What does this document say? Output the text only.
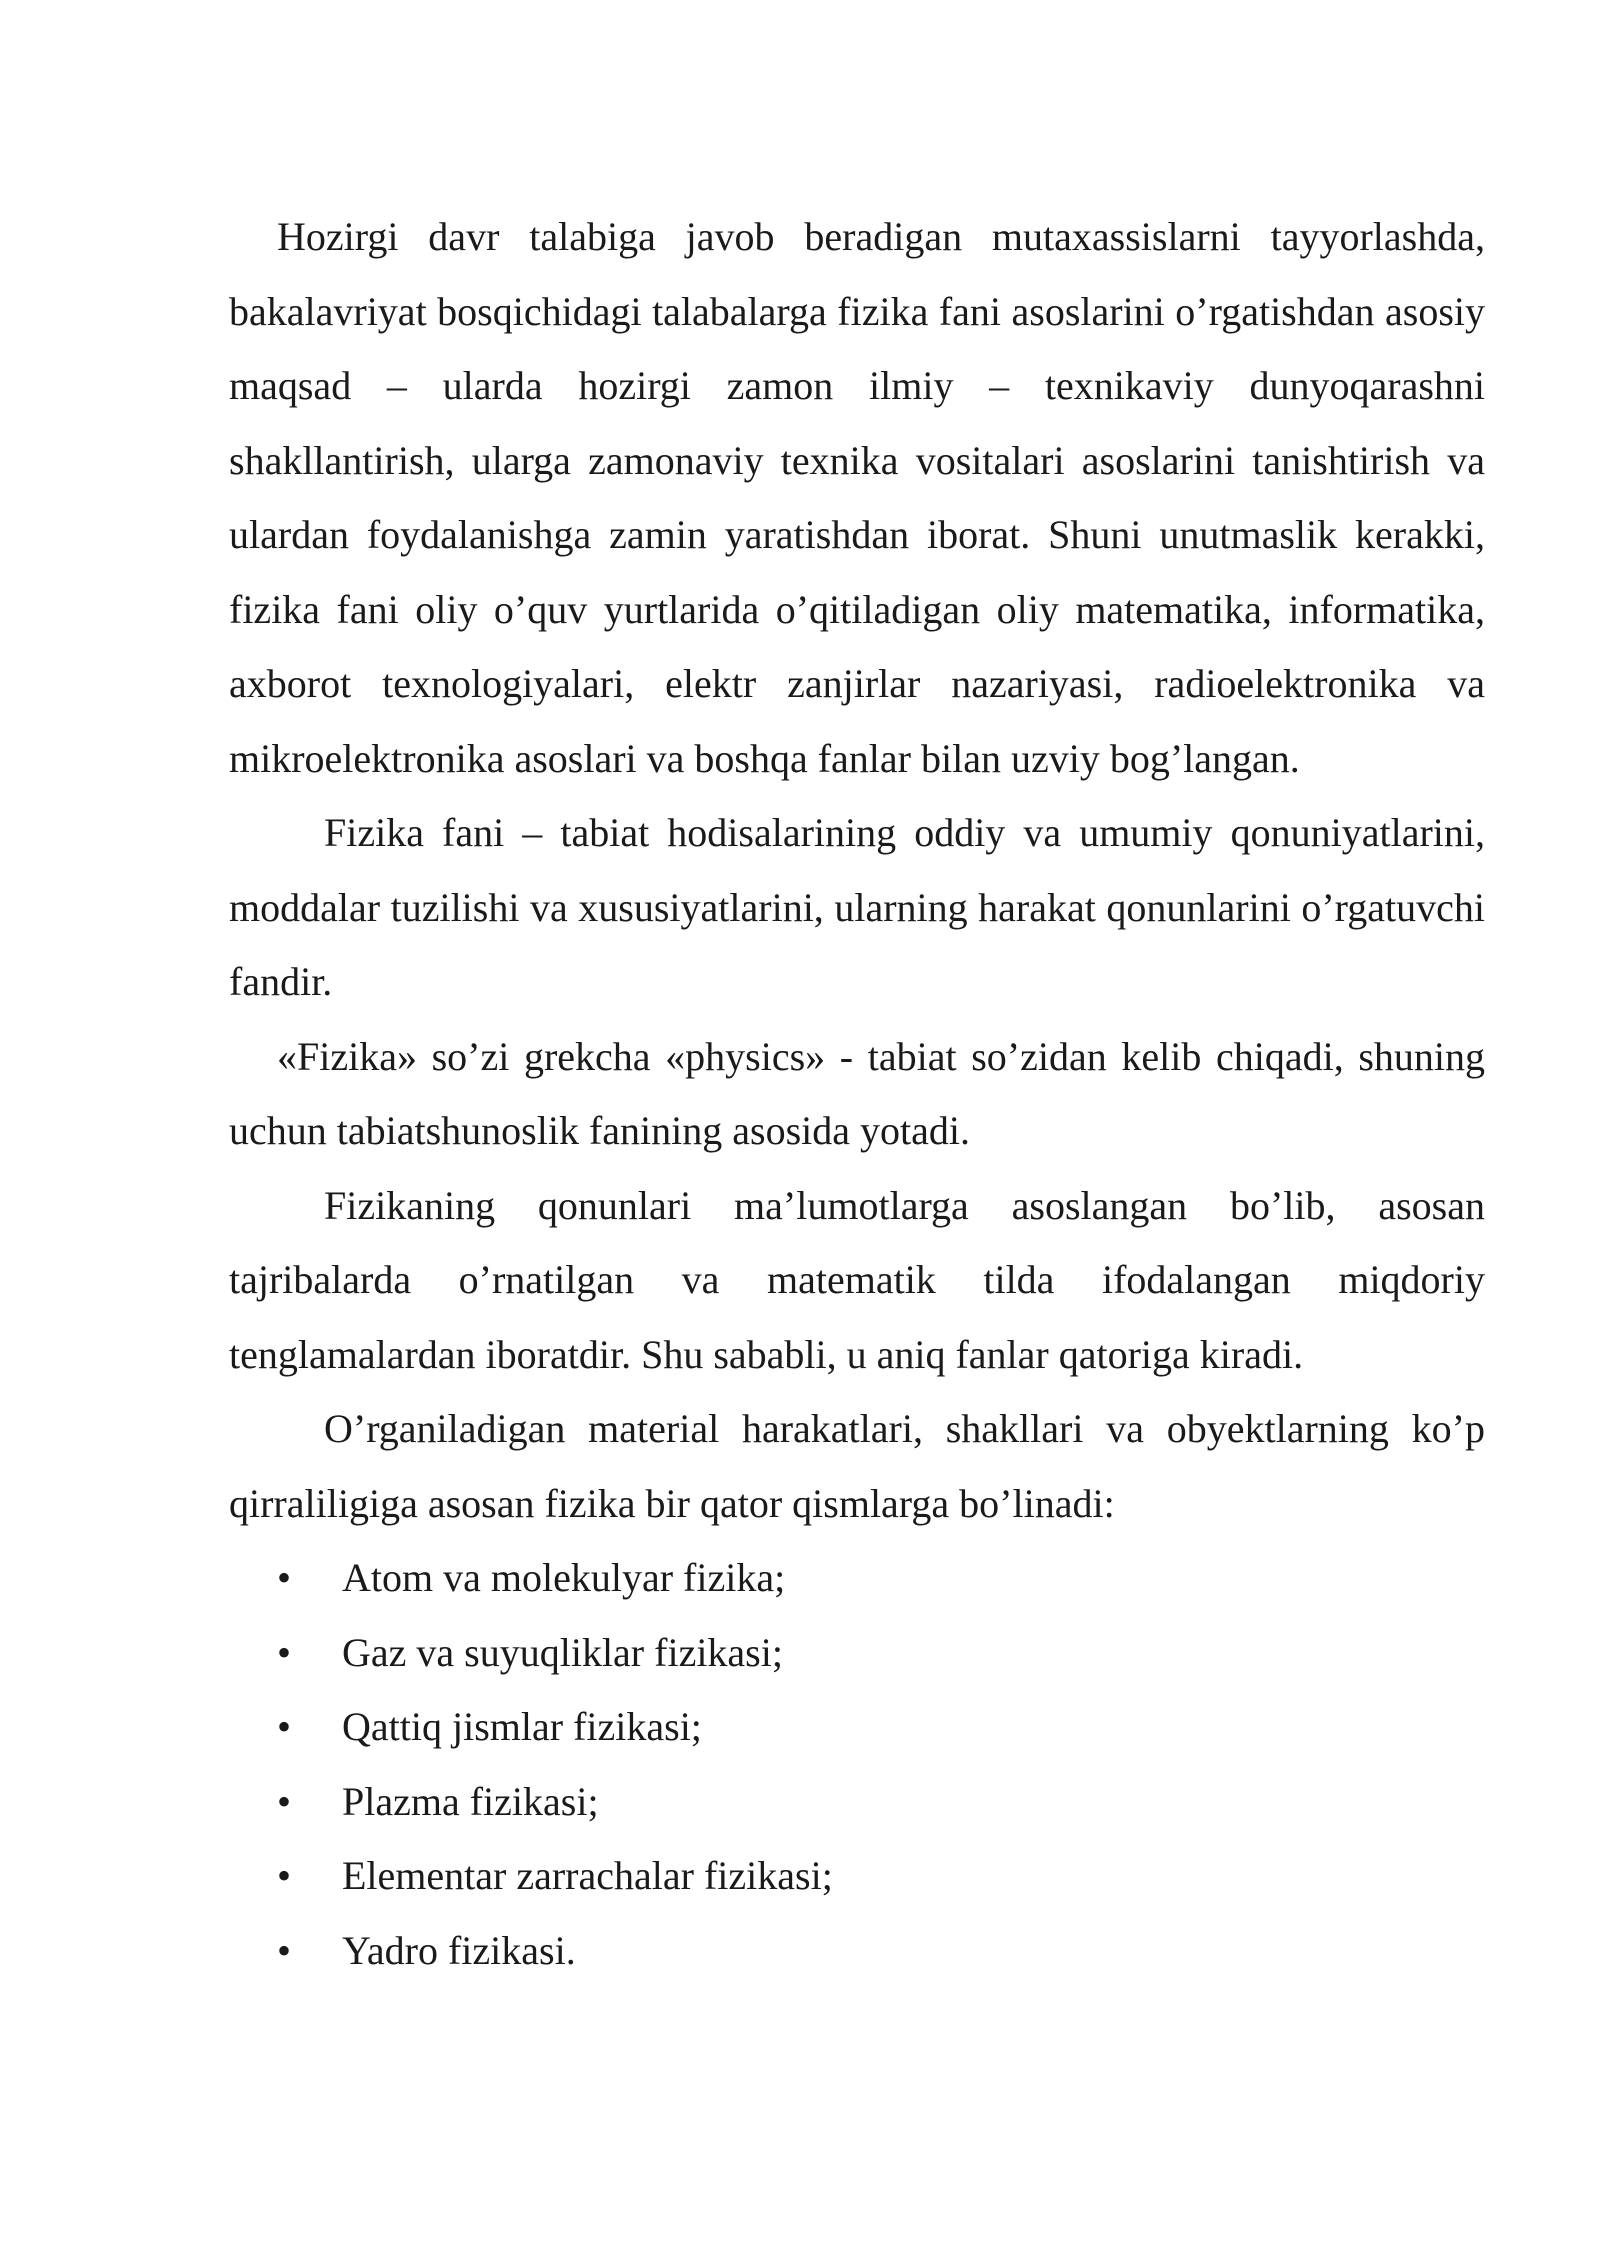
Hozirgi davr talabiga javob beradigan mutaxassislarni tayyorlashda, bakalavriyat bosqichidagi talabalarga fizika fani asoslarini o’rgatishdan asosiy maqsad – ularda hozirgi zamon ilmiy – texnikaviy dunyoqarashni shakllantirish, ularga zamonaviy texnika vositalari asoslarini tanishtirish va ulardan foydalanishga zamin yaratishdan iborat. Shuni unutmaslik kerakki, fizika fani oliy o’quv yurtlarida o’qitiladigan oliy matematika, informatika, axborot texnologiyalari, elektr zanjirlar nazariyasi, radioelektronika va mikroelektronika asoslari va boshqa fanlar bilan uzviy bog’langan.

Fizika fani – tabiat hodisalarining oddiy va umumiy qonuniyatlarini, moddalar tuzilishi va xususiyatlarini, ularning harakat qonunlarini o’rgatuvchi fandir.

«Fizika» so’zi grekcha «physics» - tabiat so’zidan kelib chiqadi, shuning uchun tabiatshunoslik fanining asosida yotadi.

Fizikaning qonunlari ma’lumotlarga asoslangan bo’lib, asosan tajribalarda o’rnatilgan va matematik tilda ifodalangan miqdoriy tenglamalardan iboratdir. Shu sababli, u aniq fanlar qatoriga kiradi.

O’rganiladigan material harakatlari, shakllari va obyektlarning ko’p qirraliligiga asosan fizika bir qator qismlarga bo’linadi:

•	Atom va molekulyar fizika;
•	Gaz va suyuqliklar fizikasi;
•	Qattiq jismlar fizikasi;
•	Plazma fizikasi;
•	Elementar zarrachalar fizikasi;
•	Yadro fizikasi.
